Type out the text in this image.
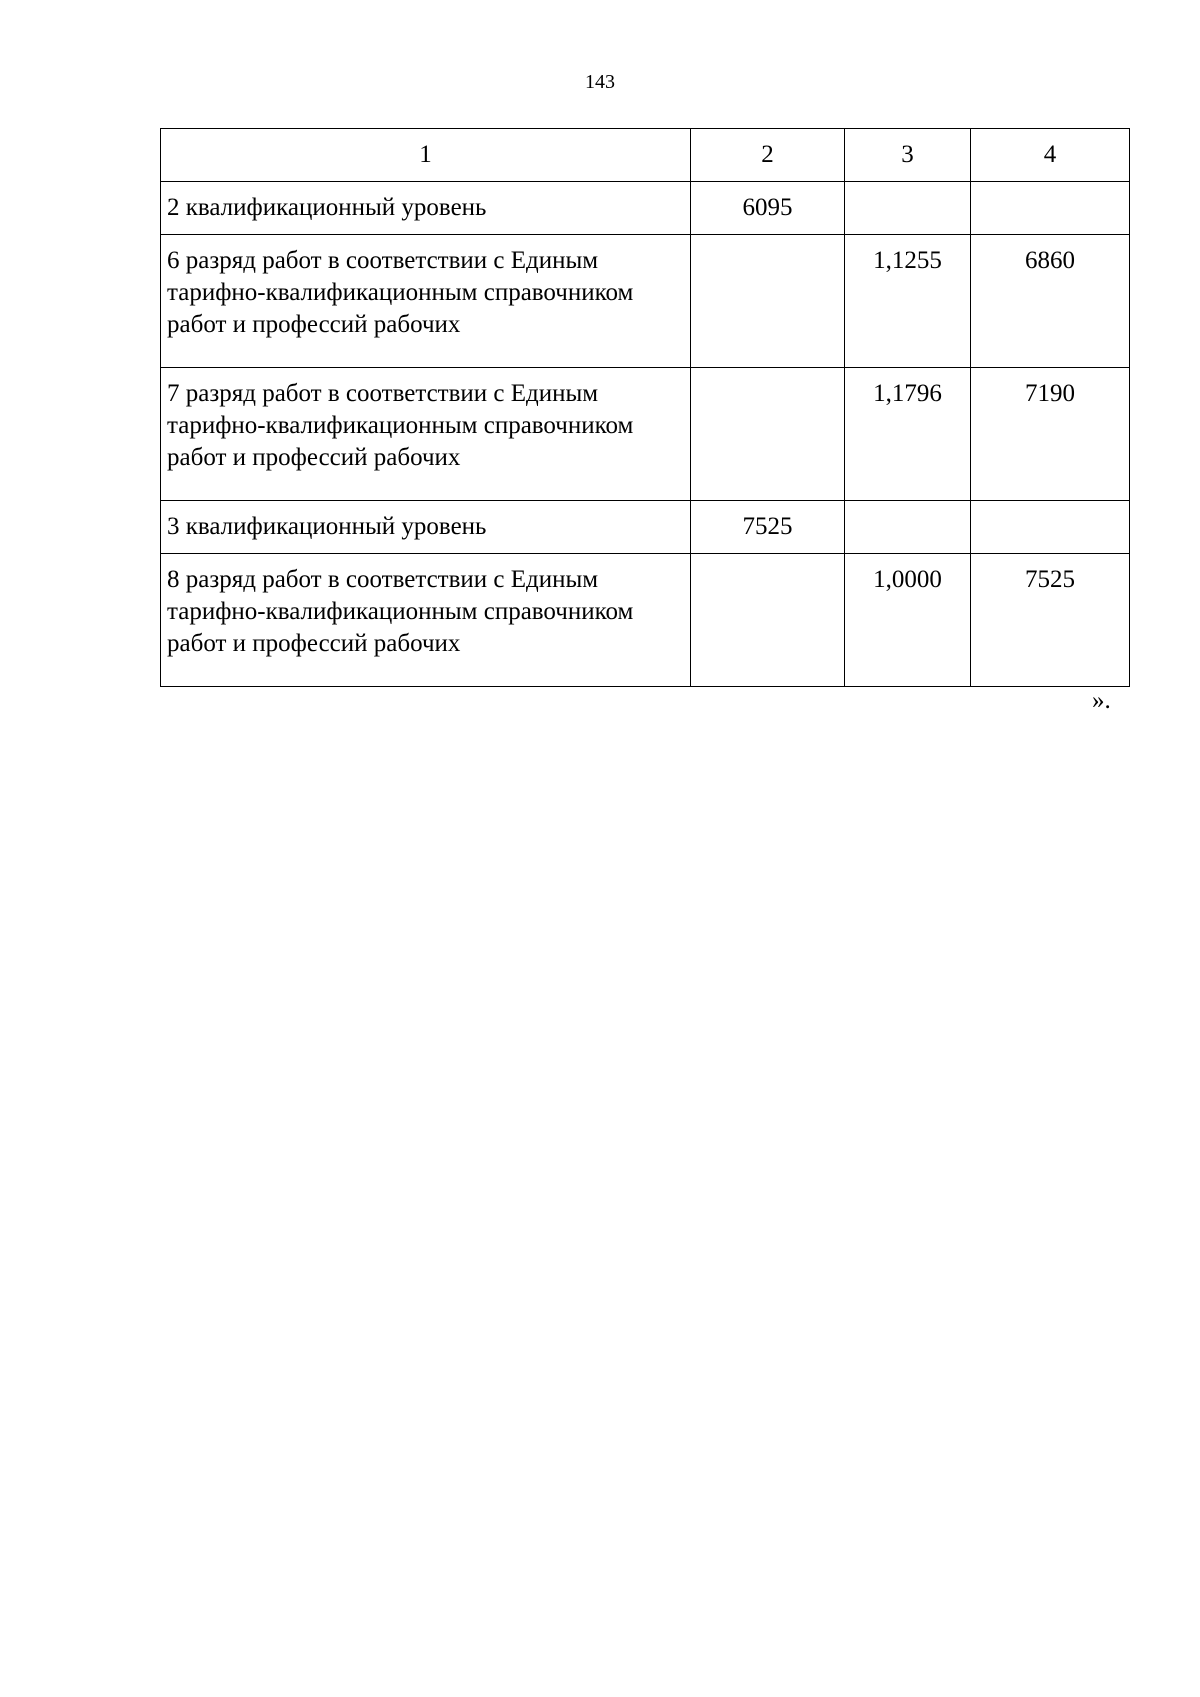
143
1	2	3	4
2 квалификационный уровень	6095		
6 разряд работ в соответствии с Единым тарифно-квалификационным справочником работ и профессий рабочих		1,1255	6860
7 разряд работ в соответствии с Единым тарифно-квалификационным справочником работ и профессий рабочих		1,1796	7190
3 квалификационный уровень	7525		
8 разряд работ в соответствии с Единым тарифно-квалификационным справочником работ и профессий рабочих		1,0000	7525
».
